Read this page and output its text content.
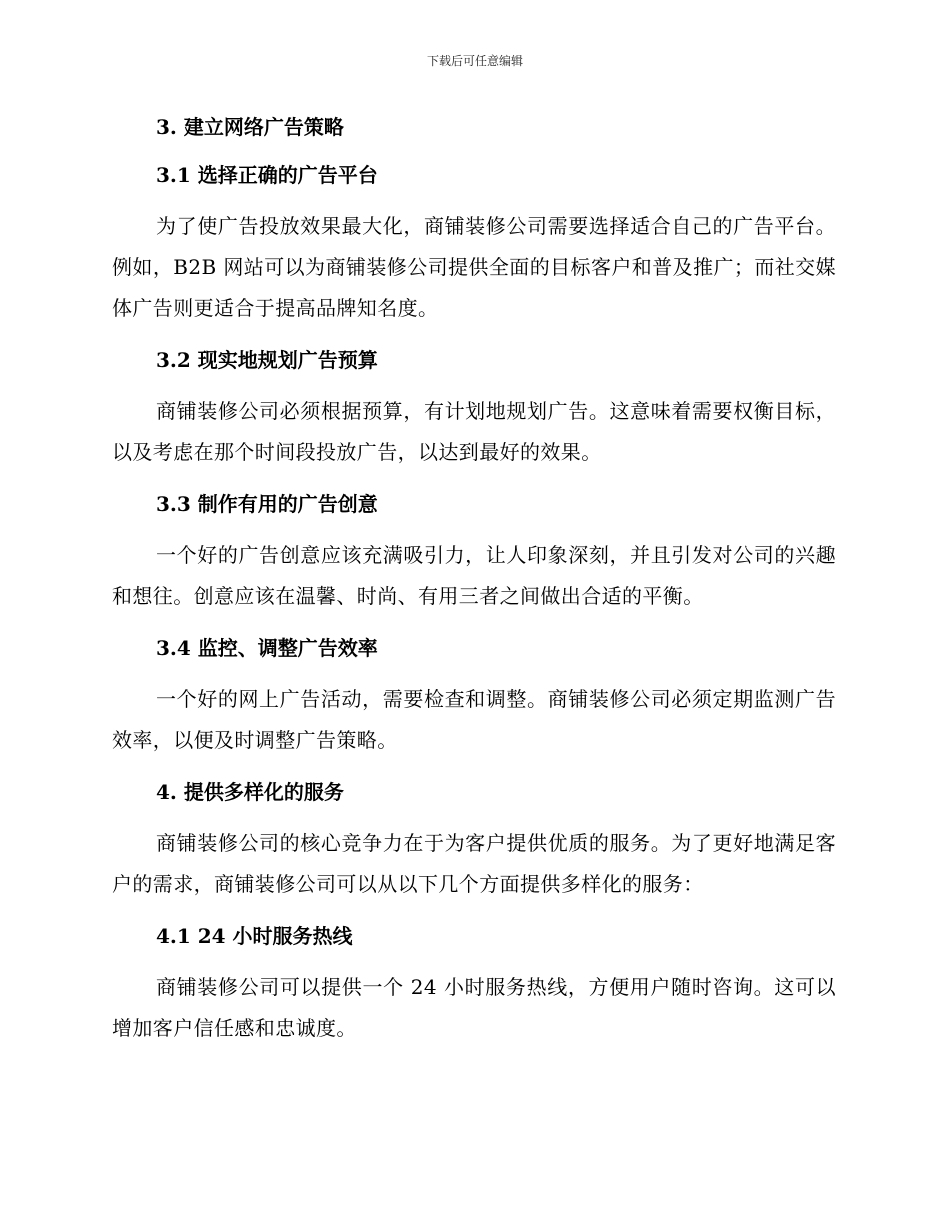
下载后可任意编辑
3. 建立网络广告策略
3.1 选择正确的广告平台
为了使广告投放效果最大化，商铺装修公司需要选择适合自己的广告平台。例如，B2B 网站可以为商铺装修公司提供全面的目标客户和普及推广；而社交媒体广告则更适合于提高品牌知名度。
3.2 现实地规划广告预算
商铺装修公司必须根据预算，有计划地规划广告。这意味着需要权衡目标，以及考虑在那个时间段投放广告，以达到最好的效果。
3.3 制作有用的广告创意
一个好的广告创意应该充满吸引力，让人印象深刻，并且引发对公司的兴趣和想往。创意应该在温馨、时尚、有用三者之间做出合适的平衡。
3.4 监控、调整广告效率
一个好的网上广告活动，需要检查和调整。商铺装修公司必须定期监测广告效率，以便及时调整广告策略。
4. 提供多样化的服务
商铺装修公司的核心竞争力在于为客户提供优质的服务。为了更好地满足客户的需求，商铺装修公司可以从以下几个方面提供多样化的服务：
4.1 24 小时服务热线
商铺装修公司可以提供一个 24 小时服务热线，方便用户随时咨询。这可以增加客户信任感和忠诚度。
